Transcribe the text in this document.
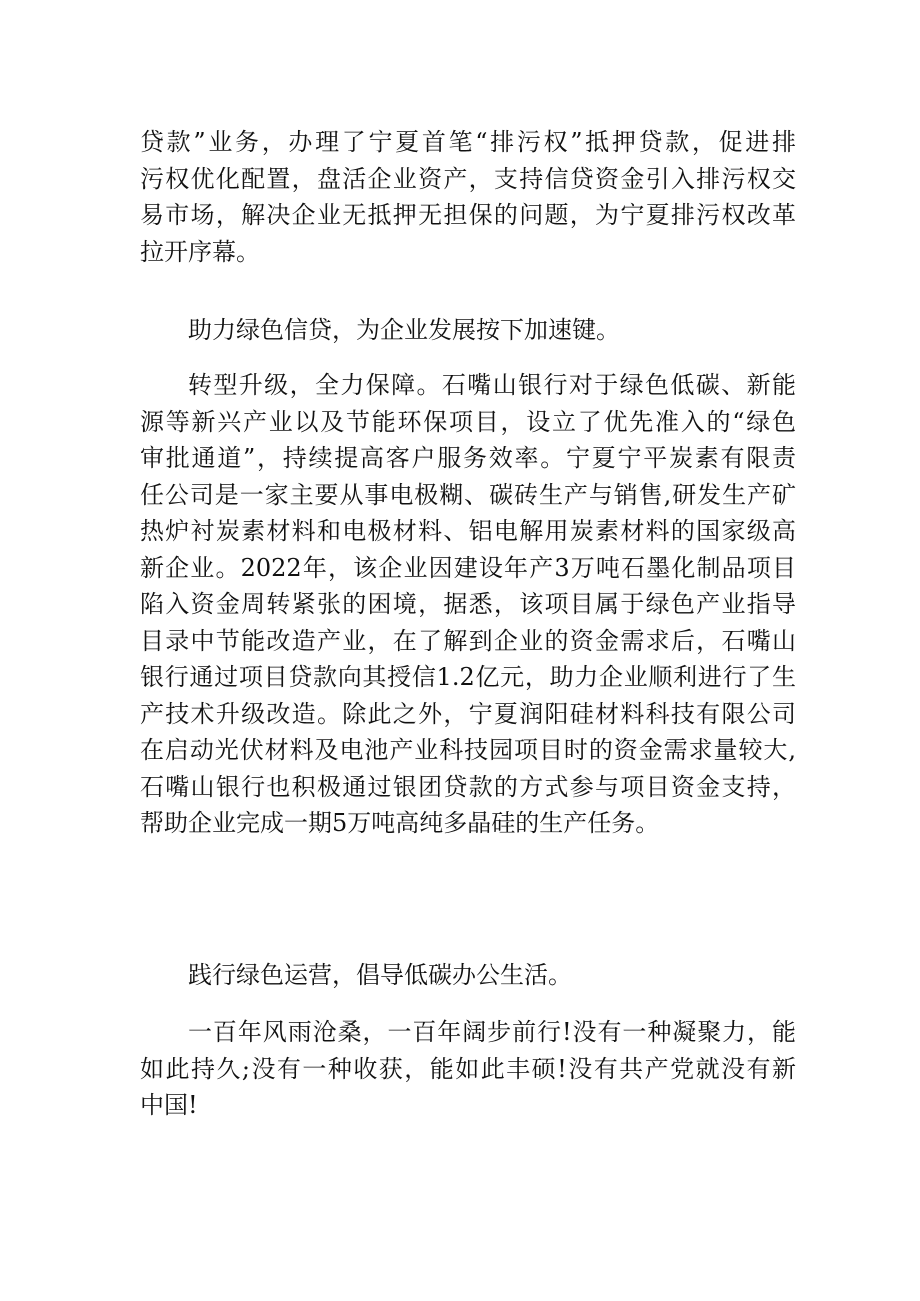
贷款”业务，办理了宁夏首笔“排污权”抵押贷款，促进排
污权优化配置，盘活企业资产，支持信贷资金引入排污权交
易市场，解决企业无抵押无担保的问题，为宁夏排污权改革
拉开序幕。
助力绿色信贷，为企业发展按下加速键。
转型升级，全力保障。石嘴山银行对于绿色低碳、新能
源等新兴产业以及节能环保项目，设立了优先准入的“绿色
审批通道”，持续提高客户服务效率。宁夏宁平炭素有限责
任公司是一家主要从事电极糊、碳砖生产与销售,研发生产矿
热炉衬炭素材料和电极材料、铝电解用炭素材料的国家级高
新企业。2022年，该企业因建设年产3万吨石墨化制品项目
陷入资金周转紧张的困境，据悉，该项目属于绿色产业指导
目录中节能改造产业，在了解到企业的资金需求后，石嘴山
银行通过项目贷款向其授信1.2亿元，助力企业顺利进行了生
产技术升级改造。除此之外，宁夏润阳硅材料科技有限公司
在启动光伏材料及电池产业科技园项目时的资金需求量较大,
石嘴山银行也积极通过银团贷款的方式参与项目资金支持，
帮助企业完成一期5万吨高纯多晶硅的生产任务。
践行绿色运营，倡导低碳办公生活。
一百年风雨沧桑，一百年阔步前行!没有一种凝聚力，能
如此持久;没有一种收获，能如此丰硕!没有共产党就没有新
中国!
